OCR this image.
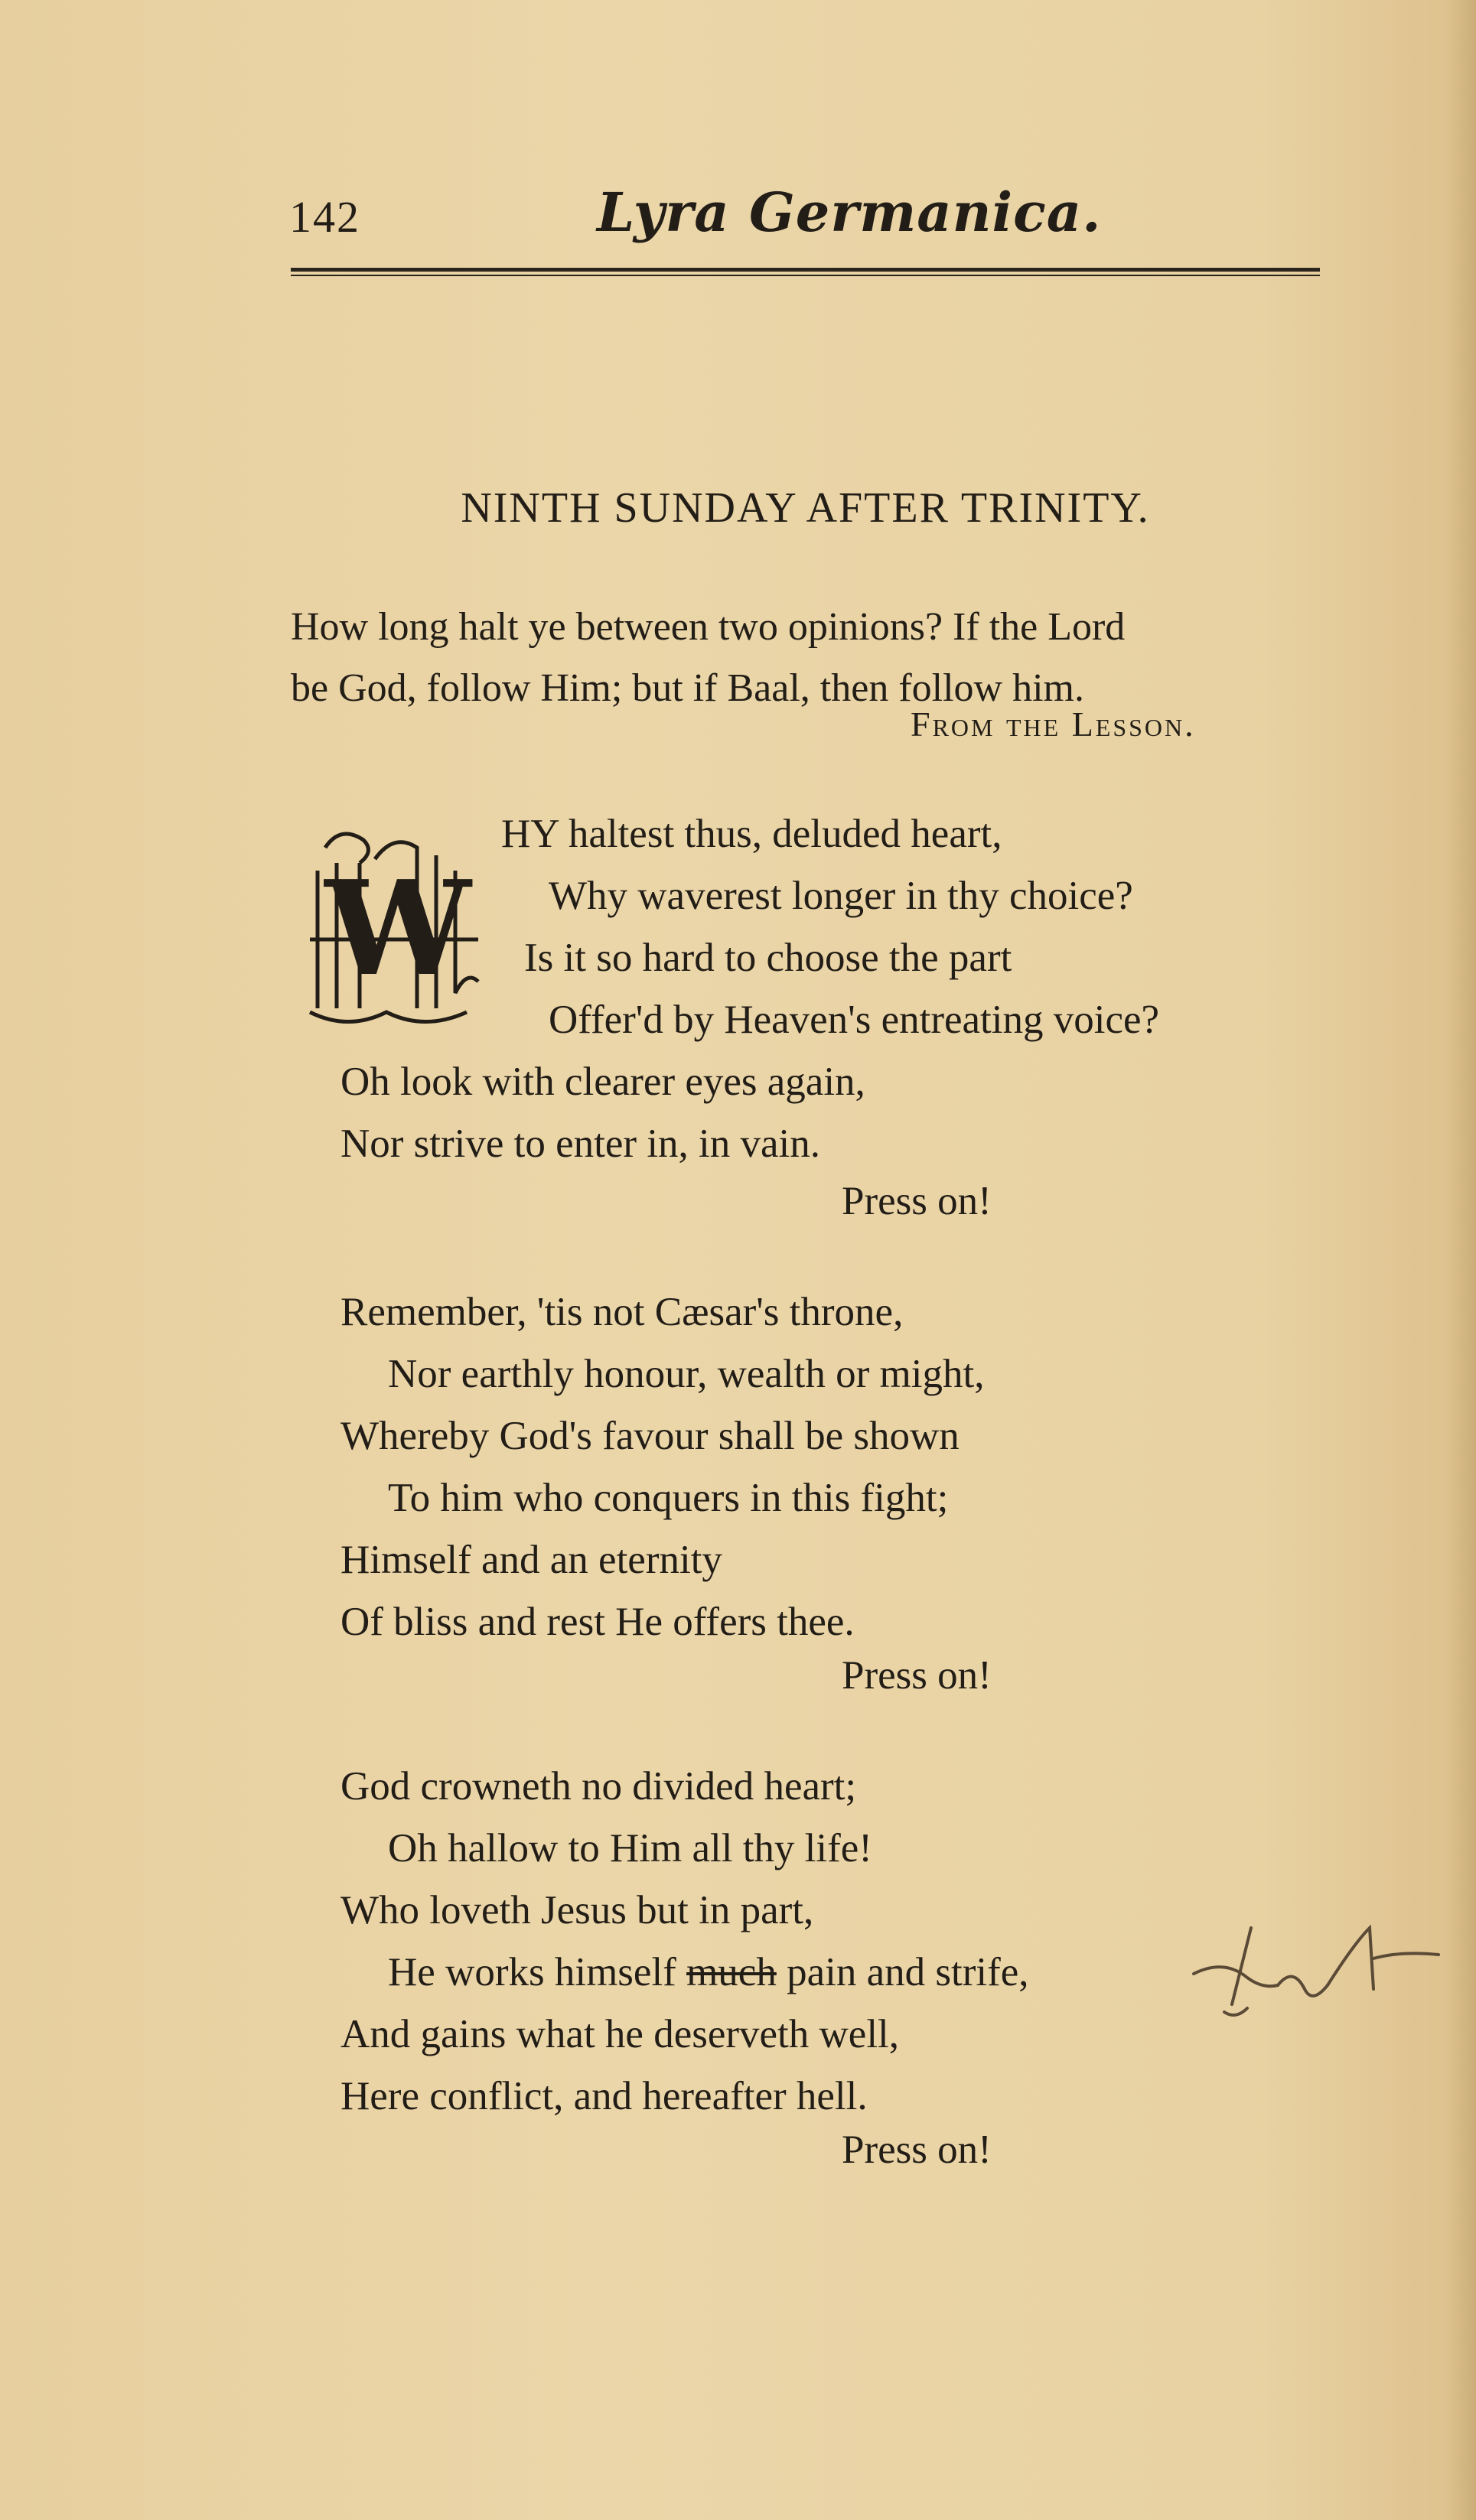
142	Lyra Germanica.
NINTH SUNDAY AFTER TRINITY.
How long halt ye between two opinions? If the Lord
be God, follow Him; but if Baal, then follow him.
From the Lesson.
W
HY haltest thus, deluded heart,
Why waverest longer in thy choice?
Is it so hard to choose the part
Offer'd by Heaven's entreating voice?
Oh look with clearer eyes again,
Nor strive to enter in, in vain.
Press on!
Remember, 'tis not Cæsar's throne,
Nor earthly honour, wealth or might,
Whereby God's favour shall be shown
To him who conquers in this fight;
Himself and an eternity
Of bliss and rest He offers thee.
Press on!
God crowneth no divided heart;
Oh hallow to Him all thy life!
Who loveth Jesus but in part,
He works himself much pain and strife,
And gains what he deserveth well,
Here conflict, and hereafter hell.
Press on!
